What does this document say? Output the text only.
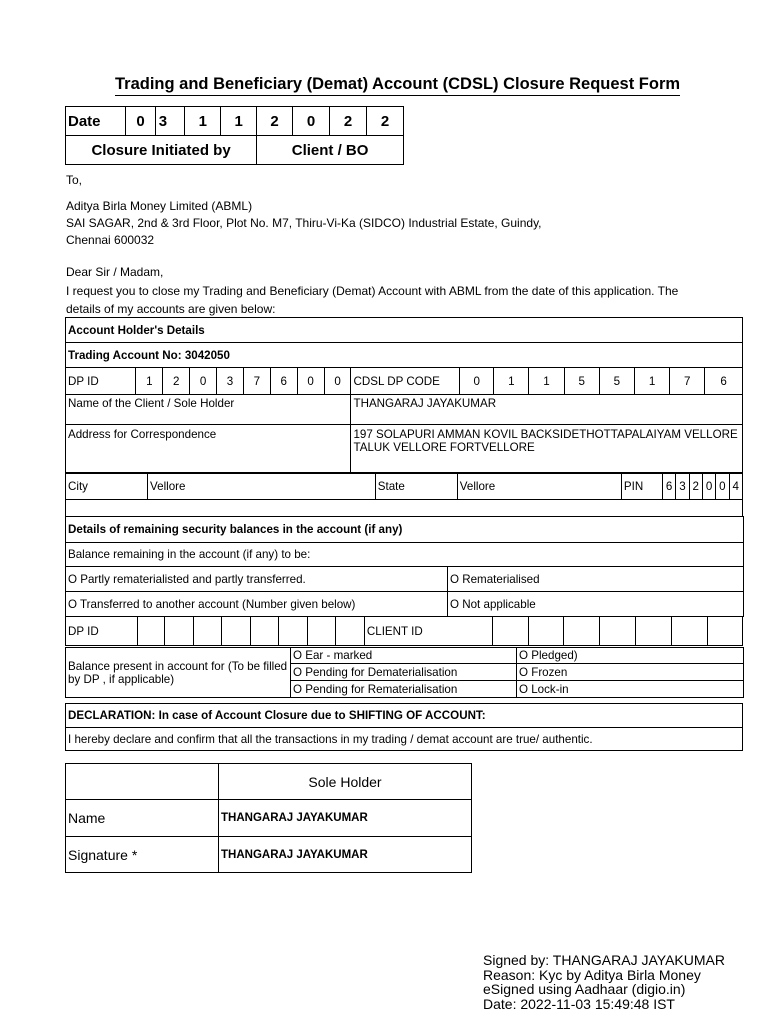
Trading and Beneficiary (Demat) Account (CDSL) Closure Request Form
Date	0	3	1	1	2	0	2	2
Closure Initiated by					Client / BO			
To,
Aditya Birla Money Limited (ABML)
SAI SAGAR, 2nd & 3rd Floor, Plot No. M7, Thiru-Vi-Ka (SIDCO) Industrial Estate, Guindy,
Chennai 600032
Dear Sir / Madam,
I request you to close my Trading and Beneficiary (Demat) Account with ABML from the date of this application. The
details of my accounts are given below:
Account Holder's Details																	
Trading Account No: 3042050																	
DP ID	1	2	0	3	7	6	0	0	CDSL DP CODE	0	1	1	5	5	1	7	6
Name of the Client / Sole Holder									THANGARAJ JAYAKUMAR								
Address for Correspondence									197 SOLAPURI AMMAN KOVIL BACKSIDETHOTTAPALAIYAM VELLORE TALUK VELLORE FORTVELLORE								
City	Vellore	State	Vellore	PIN	6	3	2	0	0	4

Details of remaining security balances in the account (if any)	
Balance remaining in the account (if any) to be:	
O Partly rematerialisted and partly transferred.	O Rematerialised
O Transferred to another account (Number given below)	O Not applicable
DP ID									CLIENT ID							
Balance present in account for (To be filled by DP , if applicable)	O Ear - marked	O Pledged)
	O Pending for Dematerialisation	O Frozen
	O Pending for Rematerialisation	O Lock-in
DECLARATION: In case of Account Closure due to SHIFTING OF ACCOUNT:
I hereby declare and confirm that all the transactions in my trading / demat account are true/ authentic.
	Sole Holder
Name	THANGARAJ JAYAKUMAR
Signature *	THANGARAJ JAYAKUMAR
Signed by: THANGARAJ JAYAKUMAR
Reason: Kyc by Aditya Birla Money
eSigned using Aadhaar (digio.in)
Date: 2022-11-03 15:49:48 IST
